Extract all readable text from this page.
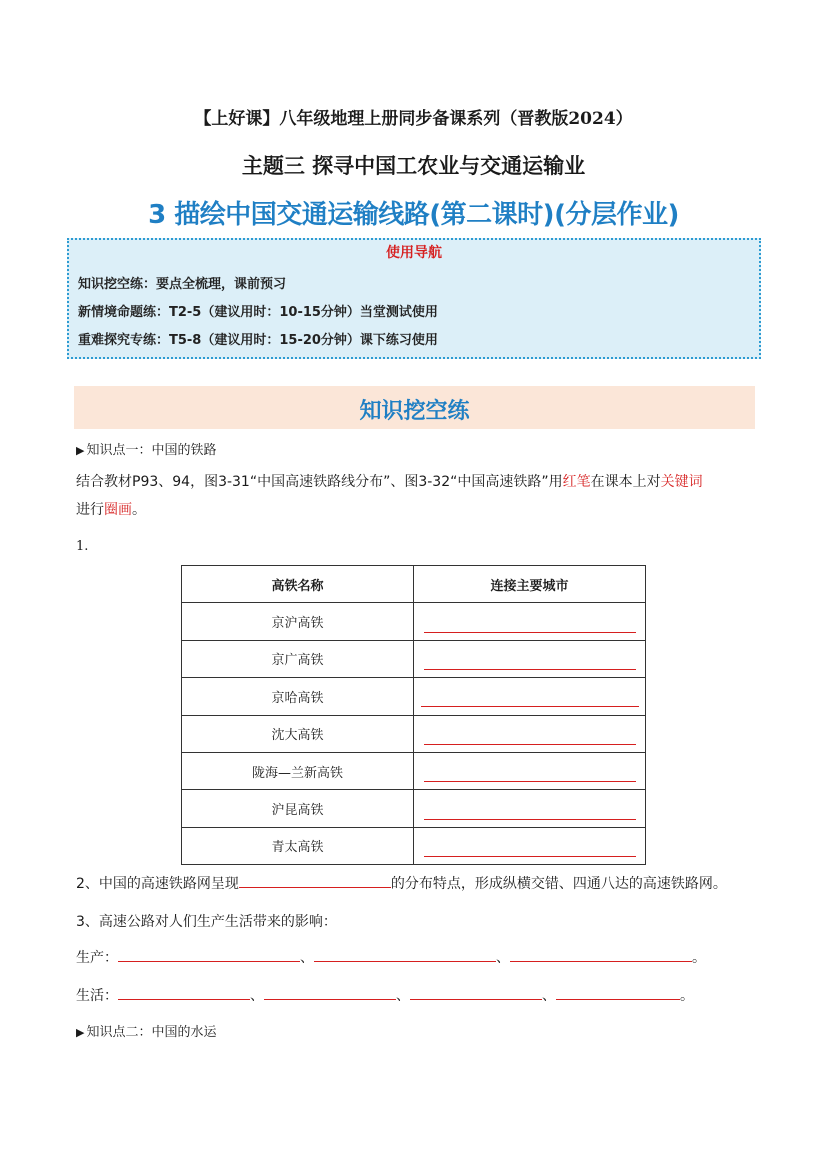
【上好课】八年级地理上册同步备课系列（晋教版2024）
主题三 探寻中国工农业与交通运输业
3 描绘中国交通运输线路(第二课时)(分层作业)
使用导航
知识挖空练：要点全梳理，课前预习
新情境命题练：T2-5（建议用时：10-15分钟）当堂测试使用
重难探究专练：T5-8（建议用时：15-20分钟）课下练习使用
知识挖空练
▶ 知识点一：中国的铁路
结合教材P93、94，图3-31“中国高速铁路线分布”、图3-32“中国高速铁路”用红笔在课本上对关键词
进行圈画。
1.
高铁名称	连接主要城市
京沪高铁	
京广高铁	
京哈高铁	
沈大高铁	
陇海—兰新高铁	
沪昆高铁	
青太高铁	
2、中国的高速铁路网呈现	的分布特点，形成纵横交错、四通八达的高速铁路网。
3、高速公路对人们生产生活带来的影响：
生产：	、	、	。
生活：	、	、	、	。
▶ 知识点二：中国的水运
